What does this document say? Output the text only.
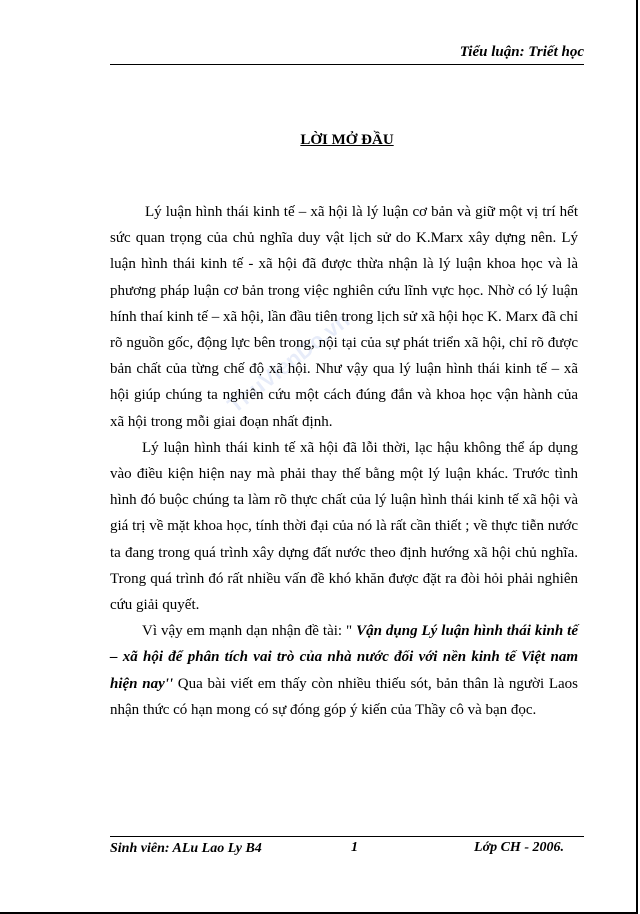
Tiểu luận: Triết học
LỜI MỞ ĐẦU
ThuVienDo.vn

Lý luận hình thái kinh tế – xã hội là lý luận cơ bản và giữ một vị trí hết sức quan trọng của chủ nghĩa duy vật lịch sử do K.Marx xây dựng nên. Lý luận hình thái kinh tế - xã hội đã được thừa nhận là lý luận khoa học và là phương pháp luận cơ bản trong việc nghiên cứu lĩnh vực học. Nhờ có lý luận hính thaí kinh tế – xã hội, lần đầu tiên trong lịch sử xã hội học K. Marx đã chỉ rõ nguồn gốc, động lực bên trong, nội tại của sự phát triển xã hội, chỉ rõ được bản chất của từng chế độ xã hội. Như vậy qua lý luận hình thái kinh tế – xã hội giúp chúng ta nghiên cứu một cách đúng đắn và khoa học vận hành của xã hội trong mỗi giai đoạn nhất định.

Lý luận hình thái kinh tế xã hội đã lỗi thời, lạc hậu không thể áp dụng vào điều kiện hiện nay mà phải thay thế bằng một lý luận khác. Trước tình hình đó buộc chúng ta làm rõ thực chất của lý luận hình thái kinh tế xã hội và giá trị về mặt khoa học, tính thời đại của nó là rất cần thiết ; về thực tiễn nước ta đang trong quá trình xây dựng đất nước theo định hướng xã hội chủ nghĩa. Trong quá trình đó rất nhiều vấn đề khó khăn được đặt ra đòi hỏi phải nghiên cứu giải quyết.

Vì vậy em mạnh dạn nhận đề tài: " Vận dụng Lý luận hình thái kinh tế – xã hội để phân tích vai trò của nhà nước đối với nền kinh tế Việt nam hiện nay'' Qua bài viết em thấy còn nhiều thiếu sót, bản thân là người Laos nhận thức có hạn mong có sự đóng góp ý kiến của Thầy cô và bạn đọc.

Sinh viên: ALu Lao Ly B4	1	Lớp CH - 2006.
